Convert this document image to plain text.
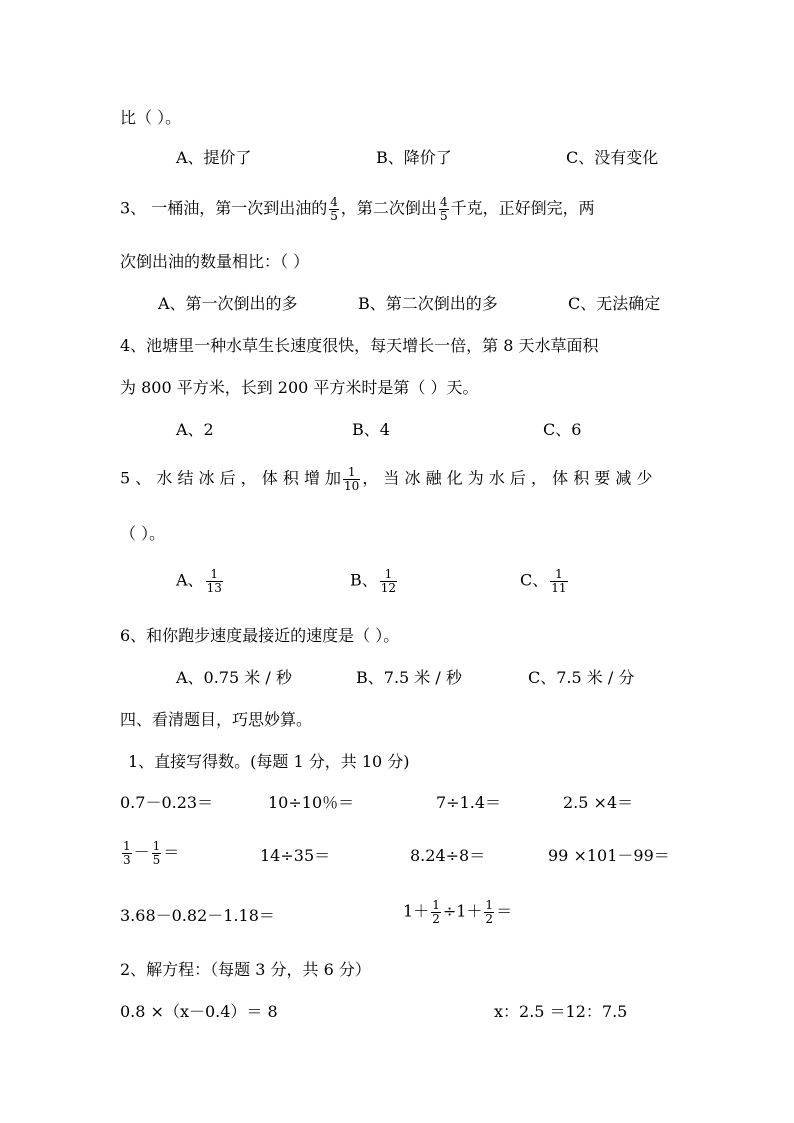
比（ ）。
A、提价了	B、降价了	C、没有变化
3、 一桶油，第一次到出油的 $\frac{4}{5}$ ，第二次倒出 $\frac{4}{5}$ 千克，正好倒完，两
次倒出油的数量相比：（ ）
A、第一次倒出的多	B、第二次倒出的多	C、无法确定
4、池塘里一种水草生长速度很快，每天增长一倍，第 8 天水草面积
为 800 平方米，长到 200 平方米时是第（ ）天。
A、2	B、4	C、6
5 、 水 结 冰 后 ， 体 积 增 加 $\frac{1}{10}$ ， 当 冰 融 化 为 水 后 ， 体 积 要 减 少
（ ）。
A、 $\frac{1}{13}$	B、 $\frac{1}{12}$	C、 $\frac{1}{11}$
6、和你跑步速度最接近的速度是（ ）。
A、0.75 米 / 秒	B、7.5 米 / 秒	C、7.5 米 / 分
四、看清题目，巧思妙算。
1、直接写得数。(每题 1 分，共 10 分)
0.7－0.23＝	10÷10％＝	7÷1.4＝	2.5 ×4＝
$\frac{1}{3} - \frac{1}{5}$ ＝	14÷35＝	8.24÷8＝	99 ×101－99＝
3.68－0.82－1.18＝	$1+ \frac{1}{2} \div 1+ \frac{1}{2}$ ＝
2、解方程：（每题 3 分，共 6 分）
0.8 ×（x－0.4）＝ 8	x：2.5 ＝12：7.5
